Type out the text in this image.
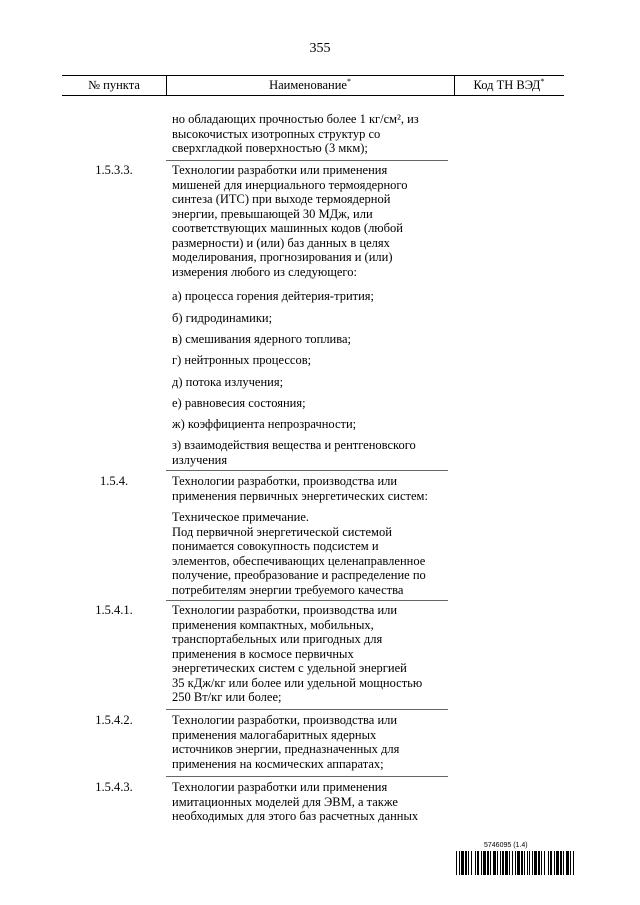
355
№ пункта	Наименование*	Код ТН ВЭД*
но обладающих прочностью более 1 кг/см², из
высокочистых изотропных структур со
сверхгладкой поверхностью (3 мкм);
1.5.3.3.	Технологии разработки или применения
мишеней для инерциального термоядерного
синтеза (ИТС) при выходе термоядерной
энергии, превышающей 30 МДж, или
соответствующих машинных кодов (любой
размерности) и (или) баз данных в целях
моделирования, прогнозирования и (или)
измерения любого из следующего:
а) процесса горения дейтерия-трития;
б) гидродинамики;
в) смешивания ядерного топлива;
г) нейтронных процессов;
д) потока излучения;
е) равновесия состояния;
ж) коэффициента непрозрачности;
з) взаимодействия вещества и рентгеновского
излучения
1.5.4.	Технологии разработки, производства или
применения первичных энергетических систем:
Техническое примечание.
Под первичной энергетической системой
понимается совокупность подсистем и
элементов, обеспечивающих целенаправленное
получение, преобразование и распределение по
потребителям энергии требуемого качества
1.5.4.1.	Технологии разработки, производства или
применения компактных, мобильных,
транспортабельных или пригодных для
применения в космосе первичных
энергетических систем с удельной энергией
35 кДж/кг или более или удельной мощностью
250 Вт/кг или более;
1.5.4.2.	Технологии разработки, производства или
применения малогабаритных ядерных
источников энергии, предназначенных для
применения на космических аппаратах;
1.5.4.3.	Технологии разработки или применения
имитационных моделей для ЭВМ, а также
необходимых для этого баз расчетных данных
5746095 (1.4)
